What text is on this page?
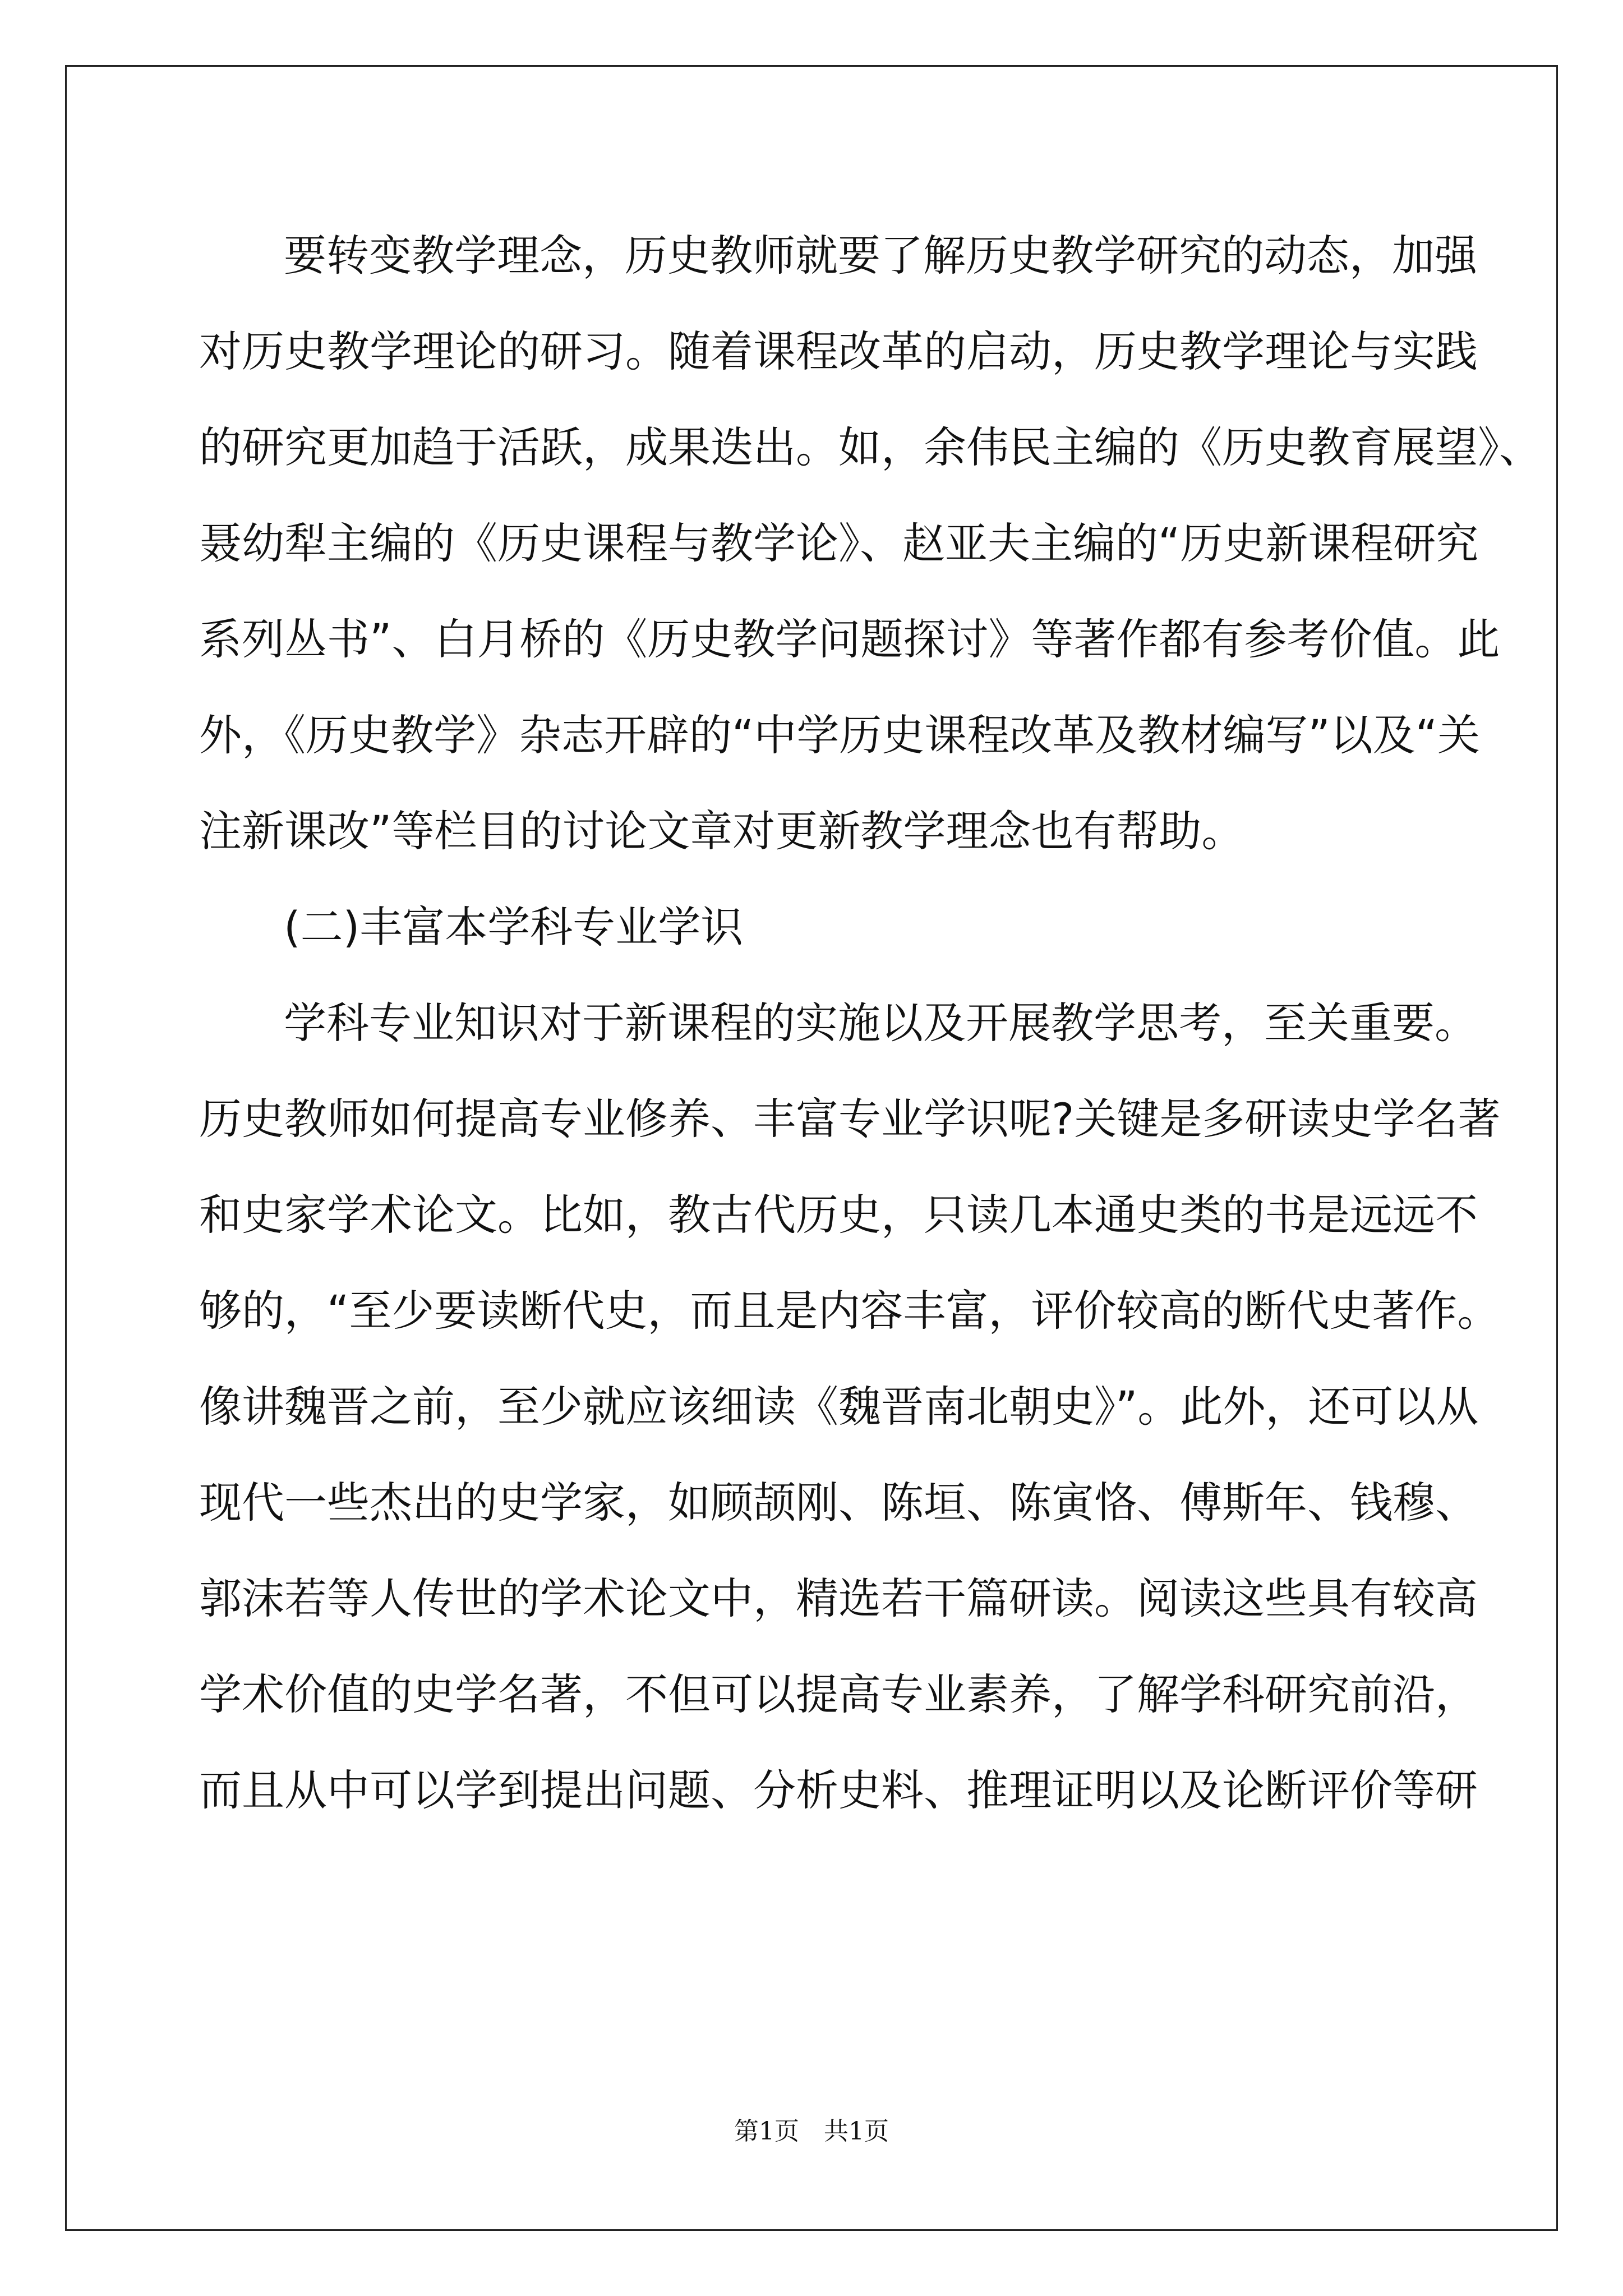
要转变教学理念，历史教师就要了解历史教学研究的动态，加强
对历史教学理论的研习。随着课程改革的启动，历史教学理论与实践
的研究更加趋于活跃，成果迭出。如，余伟民主编的《历史教育展望》、
聂幼犁主编的《历史课程与教学论》、赵亚夫主编的“历史新课程研究
系列丛书”、白月桥的《历史教学问题探讨》等著作都有参考价值。此
外，《历史教学》杂志开辟的“中学历史课程改革及教材编写”以及“关
注新课改”等栏目的讨论文章对更新教学理念也有帮助。
(二)丰富本学科专业学识
学科专业知识对于新课程的实施以及开展教学思考，至关重要。
历史教师如何提高专业修养、丰富专业学识呢?关键是多研读史学名著
和史家学术论文。比如，教古代历史，只读几本通史类的书是远远不
够的，“至少要读断代史，而且是内容丰富，评价较高的断代史著作。
像讲魏晋之前，至少就应该细读《魏晋南北朝史》”。此外，还可以从
现代一些杰出的史学家，如顾颉刚、陈垣、陈寅恪、傅斯年、钱穆、
郭沫若等人传世的学术论文中，精选若干篇研读。阅读这些具有较高
学术价值的史学名著，不但可以提高专业素养，了解学科研究前沿，
而且从中可以学到提出问题、分析史料、推理证明以及论断评价等研
第1页　共1页
